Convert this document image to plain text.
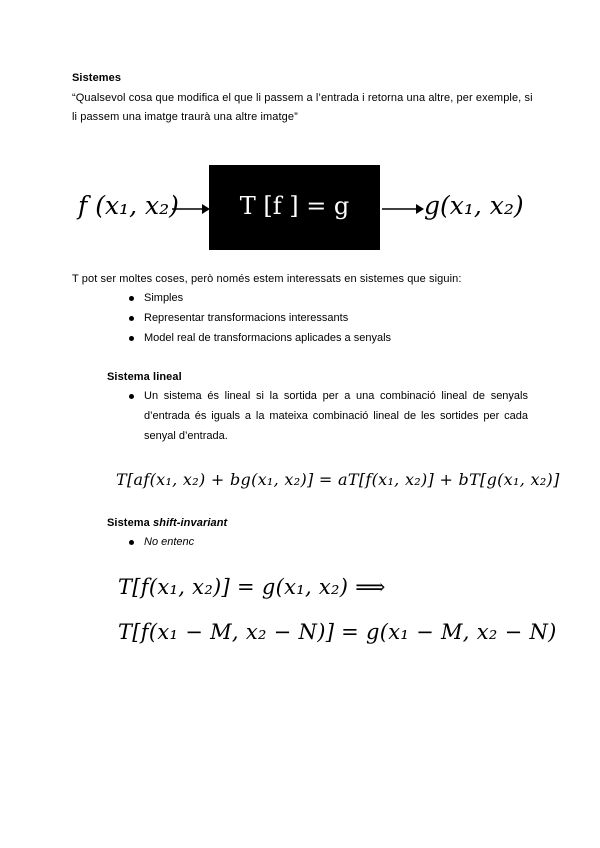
Sistemes
“Qualsevol cosa que modifica el que li passem a l’entrada i retorna una altre, per exemple, si
li passem una imatge traurà una altre imatge”
f (x₁, x₂)	T [f ] = g	g(x₁, x₂)
T pot ser moltes coses, però només estem interessats en sistemes que siguin:
Simples
Representar transformacions interessants
Model real de transformacions aplicades a senyals
Sistema lineal
Un sistema és lineal si la sortida per a una combinació lineal de senyals
d’entrada és iguals a la mateixa combinació lineal de les sortides per cada
senyal d’entrada.
T[af(x₁, x₂) + bg(x₁, x₂)] = aT[f(x₁, x₂)] + bT[g(x₁, x₂)]
Sistema shift-invariant
No entenc
T[f(x₁, x₂)] = g(x₁, x₂) ⟹
T[f(x₁ − M, x₂ − N)] = g(x₁ − M, x₂ − N)
